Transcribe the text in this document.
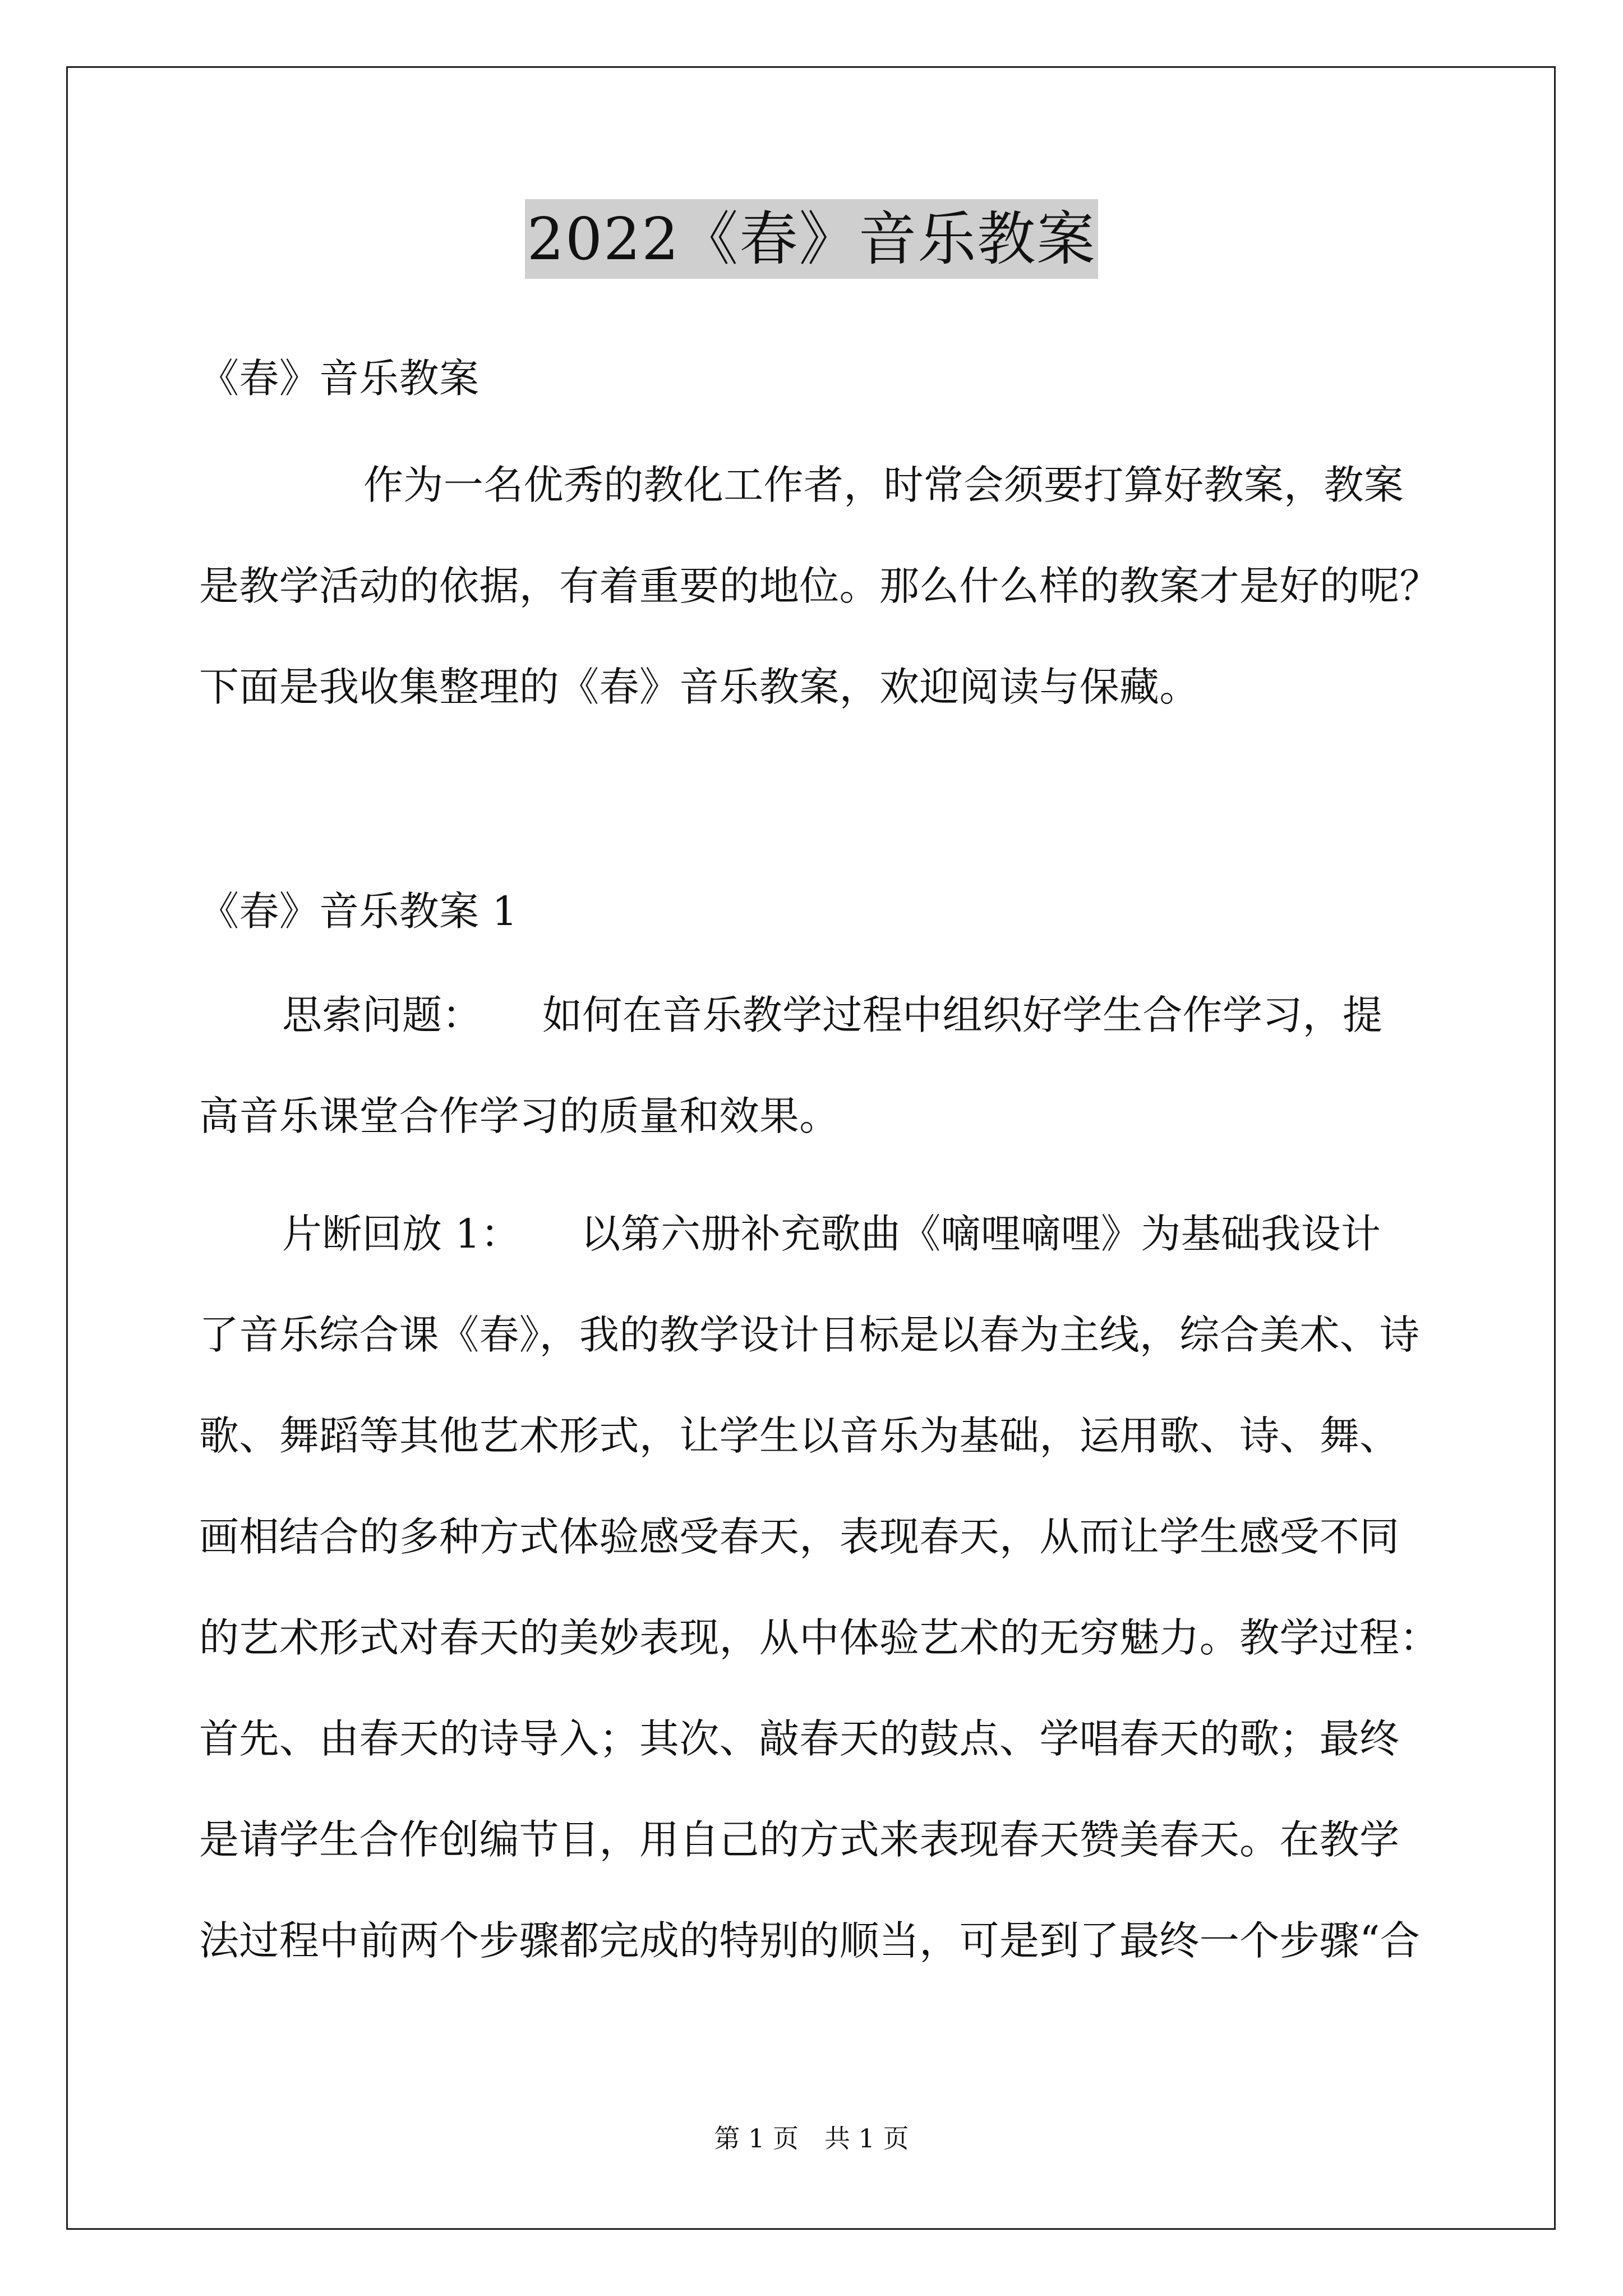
2022《春》音乐教案
《春》音乐教案
作为一名优秀的教化工作者，时常会须要打算好教案，教案
是教学活动的依据，有着重要的地位。那么什么样的教案才是好的呢？
下面是我收集整理的《春》音乐教案，欢迎阅读与保藏。
《春》音乐教案 1
思索问题：　　如何在音乐教学过程中组织好学生合作学习，提
高音乐课堂合作学习的质量和效果。
片断回放 1：　　以第六册补充歌曲《嘀哩嘀哩》为基础我设计
了音乐综合课《春》，我的教学设计目标是以春为主线，综合美术、诗
歌、舞蹈等其他艺术形式，让学生以音乐为基础，运用歌、诗、舞、
画相结合的多种方式体验感受春天，表现春天，从而让学生感受不同
的艺术形式对春天的美妙表现，从中体验艺术的无穷魅力。教学过程：
首先、由春天的诗导入；其次、敲春天的鼓点、学唱春天的歌；最终
是请学生合作创编节目，用自己的方式来表现春天赞美春天。在教学
法过程中前两个步骤都完成的特别的顺当，可是到了最终一个步骤“合
第 1 页　共 1 页
